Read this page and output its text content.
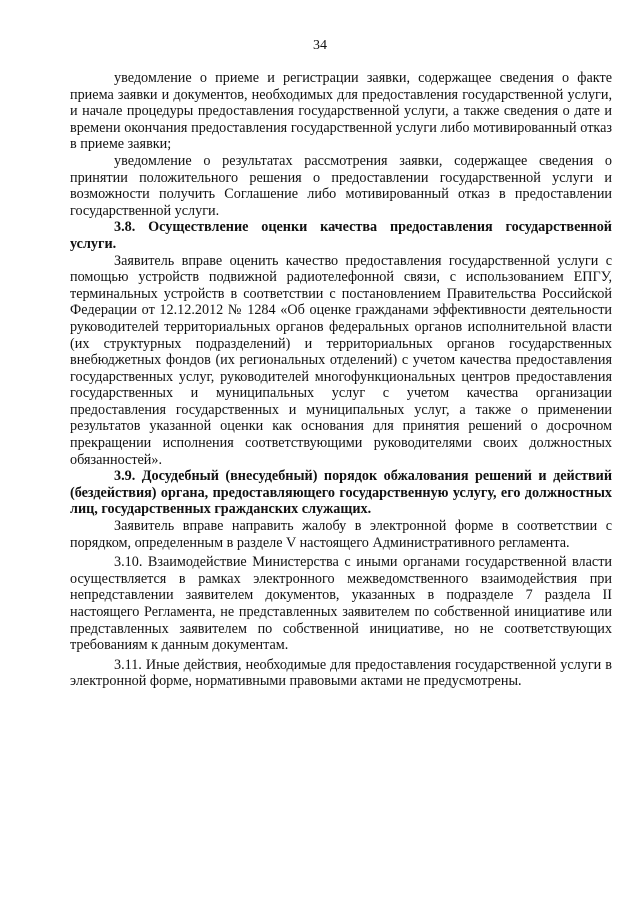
34

уведомление о приеме и регистрации заявки, содержащее сведения о факте приема заявки и документов, необходимых для предоставления государственной услуги, и начале процедуры предоставления государственной услуги, а также сведения о дате и времени окончания предоставления государственной услуги либо мотивированный отказ в приеме заявки;

уведомление о результатах рассмотрения заявки, содержащее сведения о принятии положительного решения о предоставлении государственной услуги и возможности получить Соглашение либо мотивированный отказ в предоставлении государственной услуги.

3.8. Осуществление оценки качества предоставления государственной услуги.

Заявитель вправе оценить качество предоставления государственной услуги с помощью устройств подвижной радиотелефонной связи, с использованием ЕПГУ, терминальных устройств в соответствии с постановлением Правительства Российской Федерации от 12.12.2012 № 1284 «Об оценке гражданами эффективности деятельности руководителей территориальных органов федеральных органов исполнительной власти (их структурных подразделений) и территориальных органов государственных внебюджетных фондов (их региональных отделений) с учетом качества предоставления государственных услуг, руководителей многофункциональных центров предоставления государственных и муниципальных услуг с учетом качества организации предоставления государственных и муниципальных услуг, а также о применении результатов указанной оценки как основания для принятия решений о досрочном прекращении исполнения соответствующими руководителями своих должностных обязанностей».

3.9. Досудебный (внесудебный) порядок обжалования решений и действий (бездействия) органа, предоставляющего государственную услугу, его должностных лиц, государственных гражданских служащих.

Заявитель вправе направить жалобу в электронной форме в соответствии с порядком, определенным в разделе V настоящего Административного регламента.

3.10. Взаимодействие Министерства с иными органами государственной власти осуществляется в рамках электронного межведомственного взаимодействия при непредставлении заявителем документов, указанных в подразделе 7 раздела II настоящего Регламента, не представленных заявителем по собственной инициативе или представленных заявителем по собственной инициативе, но не соответствующих требованиям к данным документам.

3.11. Иные действия, необходимые для предоставления государственной услуги в электронной форме, нормативными правовыми актами не предусмотрены.
